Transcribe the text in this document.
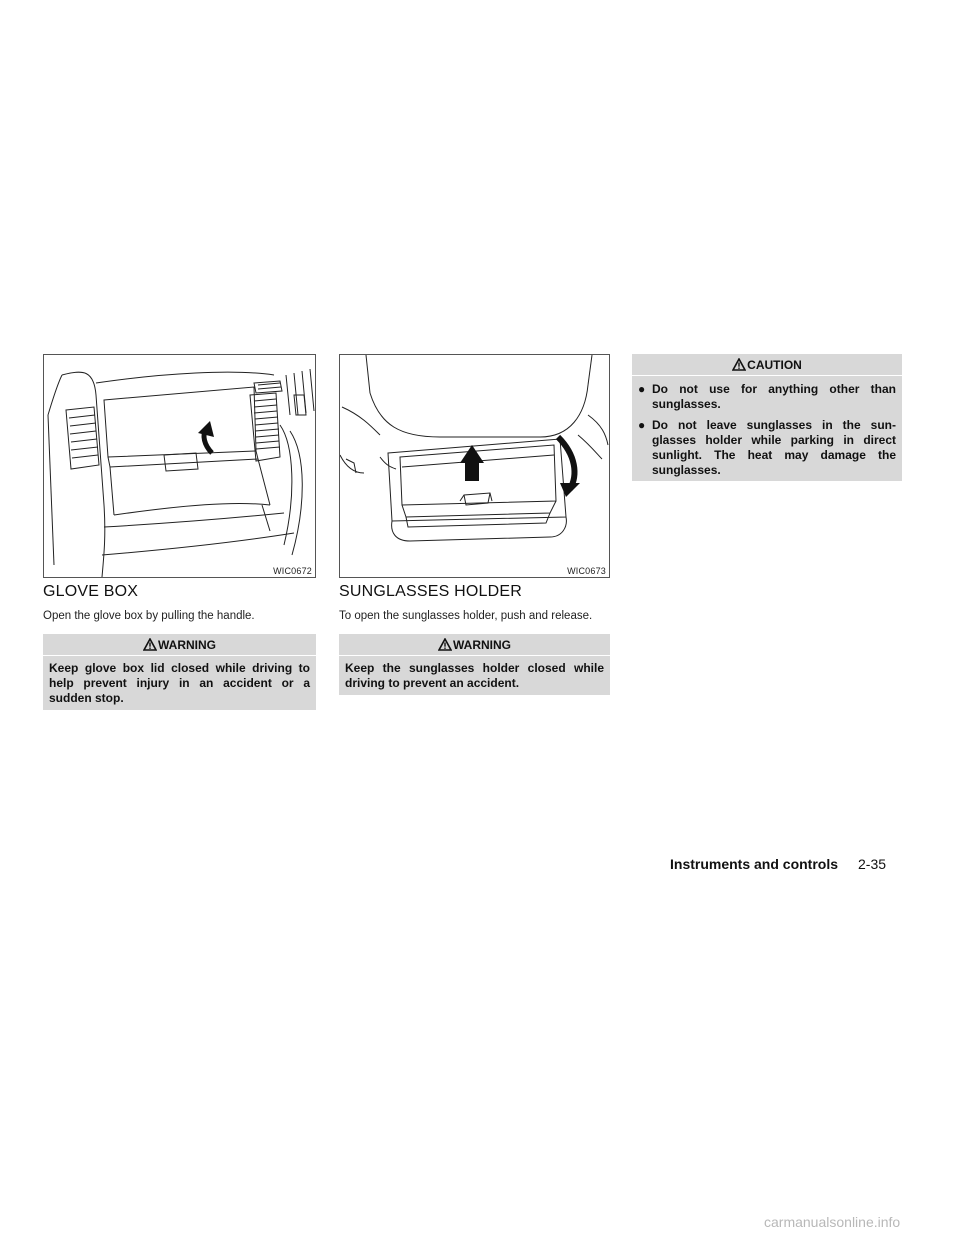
WIC0672
GLOVE BOX
Open the glove box by pulling the handle.
WARNING
Keep glove box lid closed while driving to help prevent injury in an accident or a sudden stop.
WIC0673
SUNGLASSES HOLDER
To open the sunglasses holder, push and release.
WARNING
Keep the sunglasses holder closed while driving to prevent an accident.
CAUTION
● Do not use for anything other than sunglasses.
● Do not leave sunglasses in the sun-glasses holder while parking in direct sunlight. The heat may damage the sunglasses.
Instruments and controls 2-35
carmanualsonline.info
